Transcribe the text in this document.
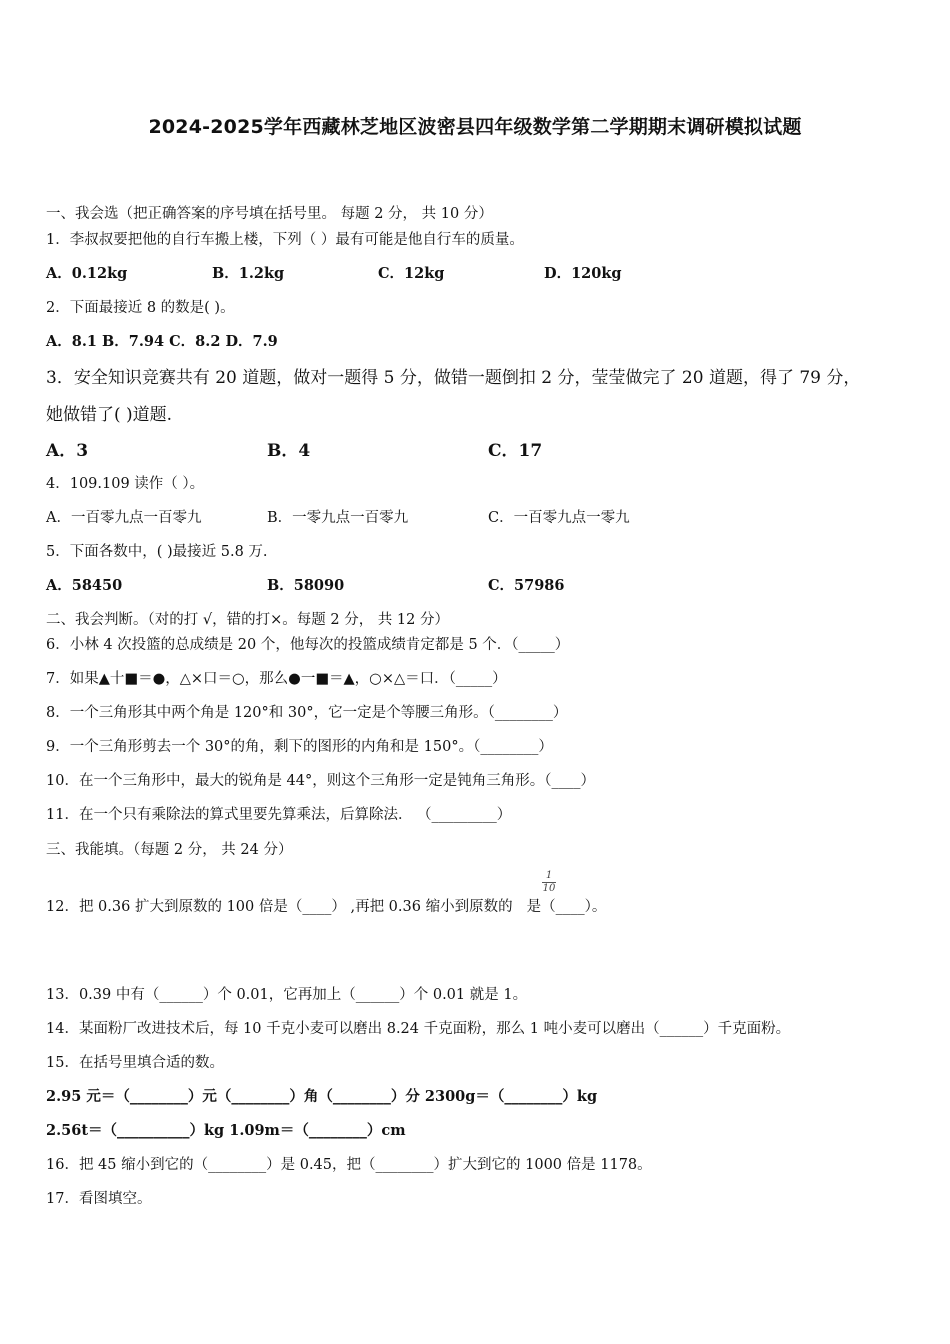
2024-2025学年西藏林芝地区波密县四年级数学第二学期期末调研模拟试题
一、我会选（把正确答案的序号填在括号里。 每题 2 分， 共 10 分）
1．李叔叔要把他的自行车搬上楼，下列（ ）最有可能是他自行车的质量。
A．0.12kg	B．1.2kg	C．12kg	D．120kg
2．下面最接近 8 的数是( )。
A．8.1 B．7.94 C．8.2 D．7.9
3．安全知识竞赛共有 20 道题，做对一题得 5 分，做错一题倒扣 2 分，莹莹做完了 20 道题，得了 79 分，
她做错了( )道题.
A．3	B．4	C．17
4．109.109 读作（ ）。
A．一百零九点一百零九	B．一零九点一百零九	C．一百零九点一零九
5．下面各数中，( )最接近 5.8 万.
A．58450	B．58090	C．57986
二、我会判断。（对的打 √，错的打×。每题 2 分， 共 12 分）
6．小林 4 次投篮的总成绩是 20 个，他每次的投篮成绩肯定都是 5 个．（_____）
7．如果▲十■＝●，△×口＝○，那么●一■＝▲，○×△＝口．（_____）
8．一个三角形其中两个角是 120°和 30°，它一定是个等腰三角形。（________）
9．一个三角形剪去一个 30°的角，剩下的图形的内角和是 150°。（________）
10．在一个三角形中，最大的锐角是 44°，则这个三角形一定是钝角三角形。（____）
11．在一个只有乘除法的算式里要先算乘法，后算除法． （_________）
三、我能填。（每题 2 分， 共 24 分）
12．把 0.36 扩大到原数的 100 倍是（____） ,再把 0.36 缩小到原数的 是（____）。
1
10
13．0.39 中有（______）个 0.01，它再加上（______）个 0.01 就是 1。
14．某面粉厂改进技术后，每 10 千克小麦可以磨出 8.24 千克面粉，那么 1 吨小麦可以磨出（______）千克面粉。
15．在括号里填合适的数。
2.95 元＝（________）元（________）角（________）分 2300g＝（________）kg
2.56t＝（__________）kg 1.09m＝（________）cm
16．把 45 缩小到它的（________）是 0.45，把（________）扩大到它的 1000 倍是 1178。
17．看图填空。
